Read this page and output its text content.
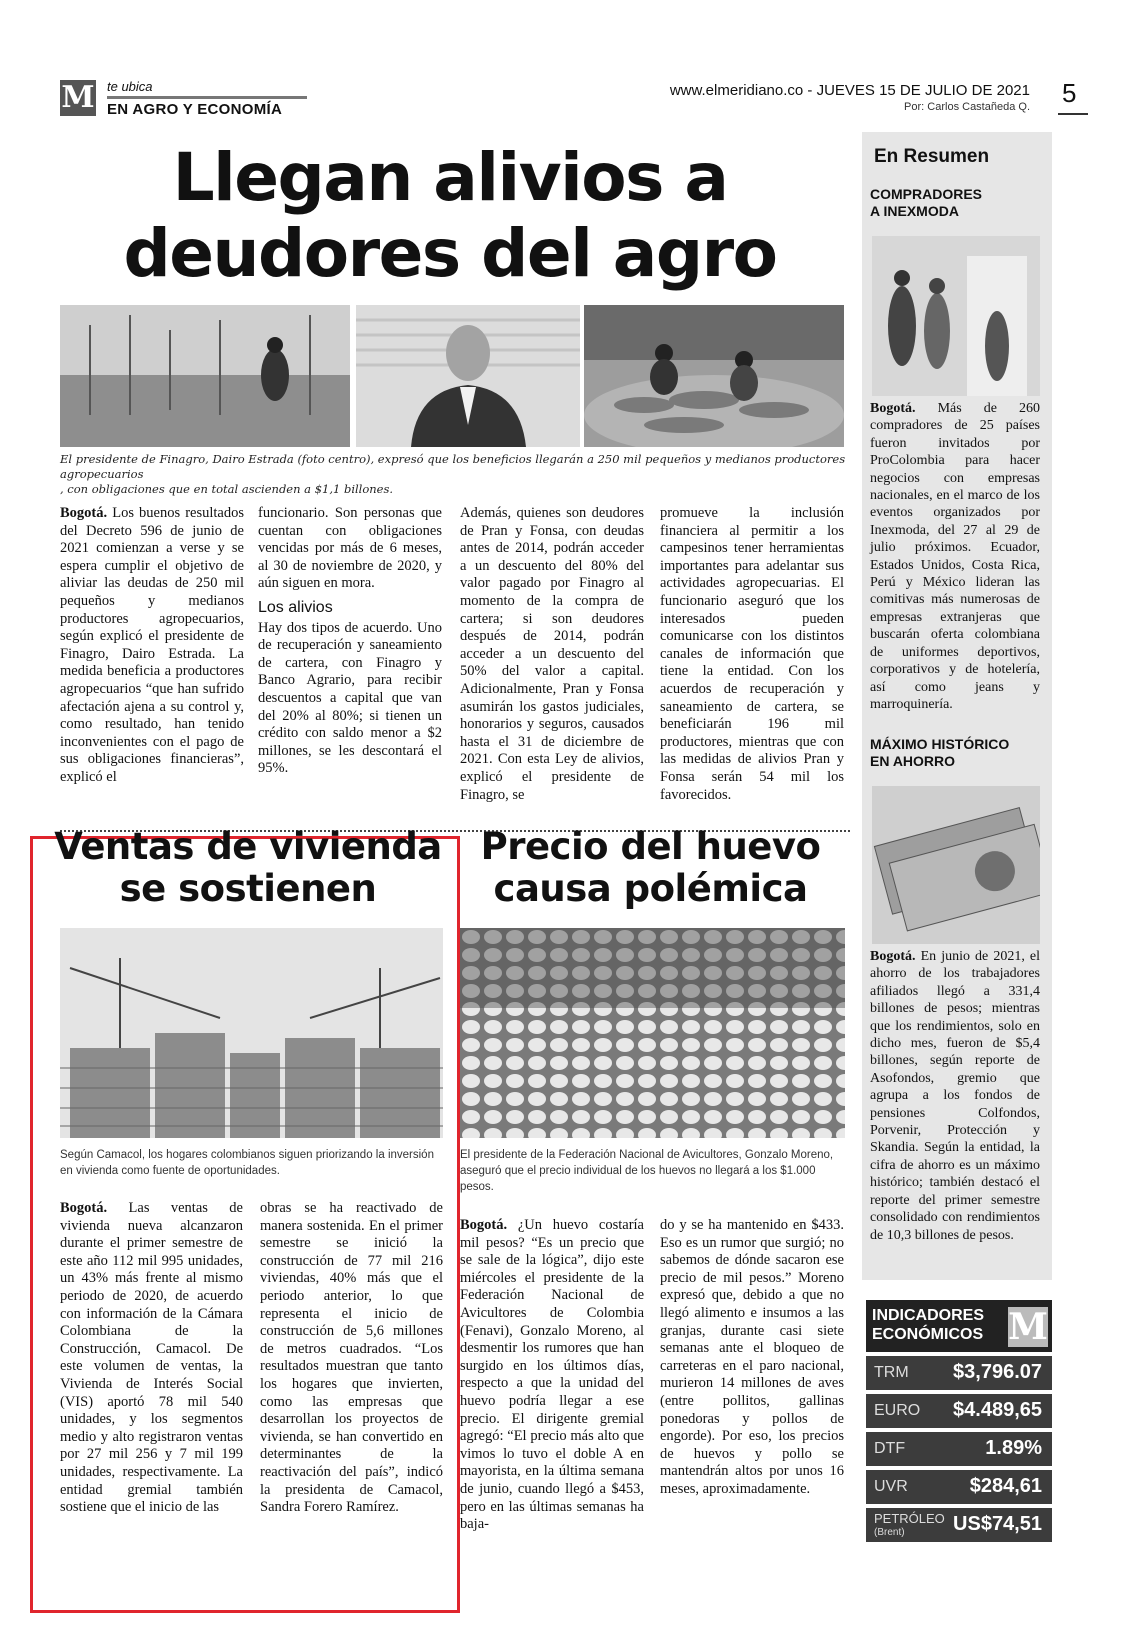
M te ubica
EN AGRO Y ECONOMÍA
www.elmeridiano.co - JUEVES 15 DE JULIO DE 2021
Por: Carlos Castañeda Q. 5
Llegan alivios a
deudores del agro
El presidente de Finagro, Dairo Estrada (foto centro), expresó que los beneficios llegarán a 250 mil pequeños y medianos productores agropecuarios
, con obligaciones que en total ascienden a $1,1 billones.
Bogotá. Los buenos resultados del Decreto 596 de junio de 2021 comienzan a verse y se espera cumplir el objetivo de aliviar las deudas de 250 mil pequeños y medianos productores agropecuarios, según explicó el presidente de Finagro, Dairo Estrada. La medida beneficia a productores agropecuarios “que han sufrido afectación ajena a su control y, como resultado, han tenido inconvenientes con el pago de sus obligaciones financieras”, explicó el
funcionario. Son personas que cuentan con obligaciones vencidas por más de 6 meses, al 30 de noviembre de 2020, y aún siguen en mora.
Los alivios
Hay dos tipos de acuerdo. Uno de recuperación y saneamiento de cartera, con Finagro y Banco Agrario, para recibir descuentos a capital que van del 20% al 80%; si tienen un crédito con saldo menor a $2 millones, se les descontará el 95%.
Además, quienes son deudores de Pran y Fonsa, con deudas antes de 2014, podrán acceder a un descuento del 80% del valor pagado por Finagro al momento de la compra de cartera; si son deudores después de 2014, podrán acceder a un descuento del 50% del valor a capital. Adicionalmente, Pran y Fonsa asumirán los gastos judiciales, honorarios y seguros, causados hasta el 31 de diciembre de 2021. Con esta Ley de alivios, explicó el presidente de Finagro, se
promueve la inclusión financiera al permitir a los campesinos tener herramientas importantes para adelantar sus actividades agropecuarias. El funcionario aseguró que los interesados pueden comunicarse con los distintos canales de información que tiene la entidad. Con los acuerdos de recuperación y saneamiento de cartera, se beneficiarán 196 mil productores, mientras que con las medidas de alivios Pran y Fonsa serán 54 mil los favorecidos.
Ventas de vivienda
se sostienen
Según Camacol, los hogares colombianos siguen priorizando la inversión en vivienda como fuente de oportunidades.
Bogotá. Las ventas de vivienda nueva alcanzaron durante el primer semestre de este año 112 mil 995 unidades, un 43% más frente al mismo periodo de 2020, de acuerdo con información de la Cámara Colombiana de la Construcción, Camacol. De este volumen de ventas, la Vivienda de Interés Social (VIS) aportó 78 mil 540 unidades, y los segmentos medio y alto registraron ventas por 27 mil 256 y 7 mil 199 unidades, respectivamente. La entidad gremial también sostiene que el inicio de las
obras se ha reactivado de manera sostenida. En el primer semestre se inició la construcción de 77 mil 216 viviendas, 40% más que el periodo anterior, lo que representa el inicio de construcción de 5,6 millones de metros cuadrados. “Los resultados muestran que tanto los hogares que invierten, como las empresas que desarrollan los proyectos de vivienda, se han convertido en determinantes de la reactivación del país”, indicó la presidenta de Camacol, Sandra Forero Ramírez.
Precio del huevo
causa polémica
El presidente de la Federación Nacional de Avicultores, Gonzalo Moreno, aseguró que el precio individual de los huevos no llegará a los $1.000 pesos.
Bogotá. ¿Un huevo costaría mil pesos? “Es un precio que se sale de la lógica”, dijo este miércoles el presidente de la Federación Nacional de Avicultores de Colombia (Fenavi), Gonzalo Moreno, al desmentir los rumores que han surgido en los últimos días, respecto a que la unidad del huevo podría llegar a ese precio. El dirigente gremial agregó: “El precio más alto que vimos lo tuvo el doble A en mayorista, en la última semana de junio, cuando llegó a $453, pero en las últimas semanas ha baja-
do y se ha mantenido en $433. Eso es un rumor que surgió; no sabemos de dónde sacaron ese precio de mil pesos.” Moreno expresó que, debido a que no llegó alimento e insumos a las granjas, durante casi siete semanas ante el bloqueo de carreteras en el paro nacional, murieron 14 millones de aves (entre pollitos, gallinas ponedoras y pollos de engorde). Por eso, los precios de huevos y pollo se mantendrán altos por unos 16 meses, aproximadamente.
En Resumen
COMPRADORES
A INEXMODA
Bogotá. Más de 260 compradores de 25 países fueron invitados por ProColombia para hacer negocios con empresas nacionales, en el marco de los eventos organizados por Inexmoda, del 27 al 29 de julio próximos. Ecuador, Estados Unidos, Costa Rica, Perú y México lideran las comitivas más numerosas de empresas extranjeras que buscarán oferta colombiana de uniformes deportivos, corporativos y de hotelería, así como jeans y marroquinería.
MÁXIMO HISTÓRICO
EN AHORRO
Bogotá. En junio de 2021, el ahorro de los trabajadores afiliados llegó a 331,4 billones de pesos; mientras que los rendimientos, solo en dicho mes, fueron de $5,4 billones, según reporte de Asofondos, gremio que agrupa a los fondos de pensiones Colfondos, Porvenir, Protección y Skandia. Según la entidad, la cifra de ahorro es un máximo histórico; también destacó el reporte del primer semestre consolidado con rendimientos de 10,3 billones de pesos.
INDICADORES
ECONÓMICOS M
TRM $3,796.07
EURO $4.489,65
DTF	1.89%
UVR	$284,61
PETRÓLEO
(Brent)	US$74,51
